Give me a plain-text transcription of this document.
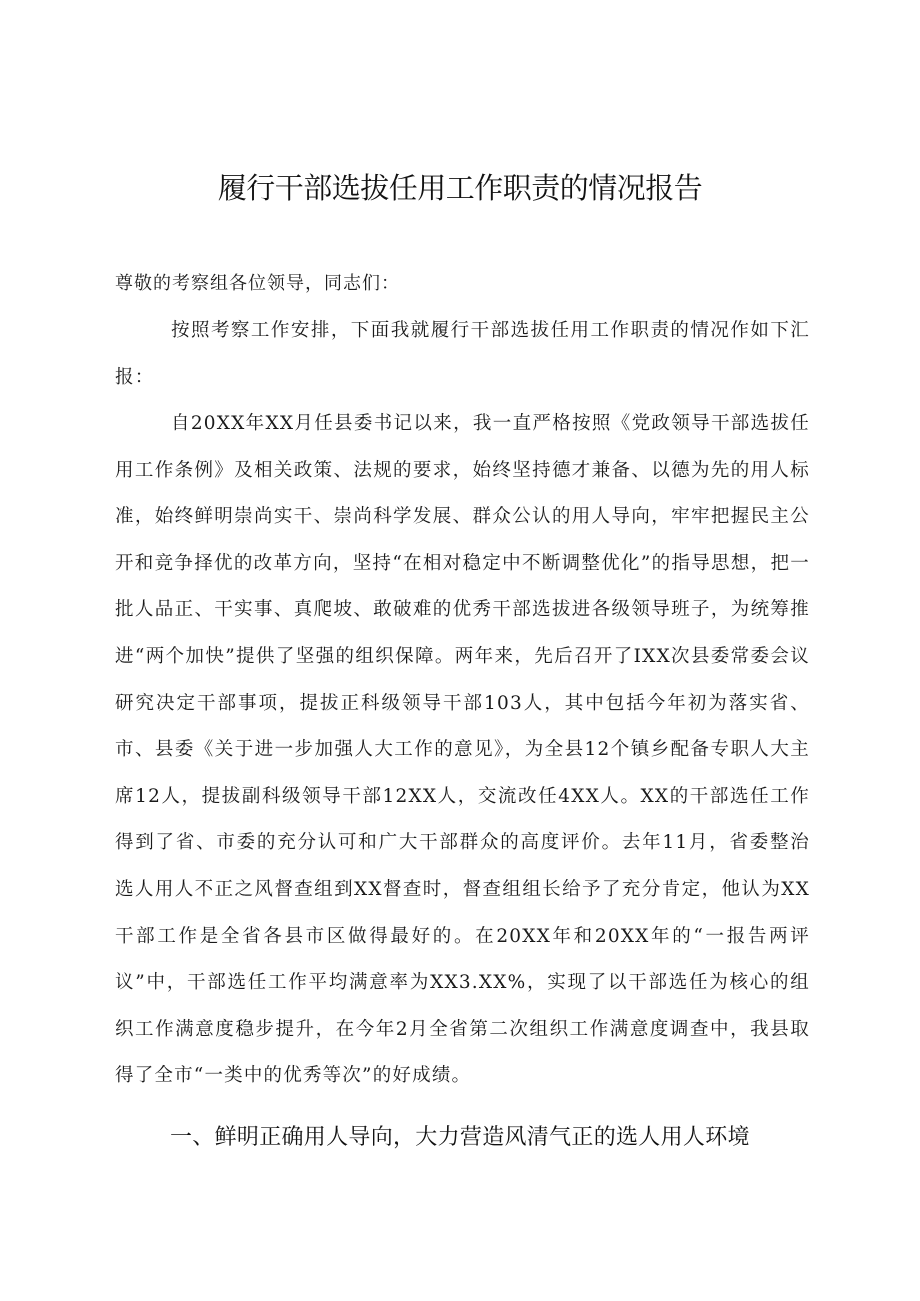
履行干部选拔任用工作职责的情况报告

尊敬的考察组各位领导，同志们：

按照考察工作安排，下面我就履行干部选拔任用工作职责的情况作如下汇报：

自20XX年XX月任县委书记以来，我一直严格按照《党政领导干部选拔任用工作条例》及相关政策、法规的要求，始终坚持德才兼备、以德为先的用人标准，始终鲜明崇尚实干、崇尚科学发展、群众公认的用人导向，牢牢把握民主公开和竞争择优的改革方向，坚持“在相对稳定中不断调整优化”的指导思想，把一批人品正、干实事、真爬坡、敢破难的优秀干部选拔进各级领导班子，为统筹推进“两个加快”提供了坚强的组织保障。两年来，先后召开了IXX次县委常委会议研究决定干部事项，提拔正科级领导干部103人，其中包括今年初为落实省、市、县委《关于进一步加强人大工作的意见》，为全县12个镇乡配备专职人大主席12人，提拔副科级领导干部12XX人，交流改任4XX人。XX的干部选任工作得到了省、市委的充分认可和广大干部群众的高度评价。去年11月，省委整治选人用人不正之风督查组到XX督查时，督查组组长给予了充分肯定，他认为XX干部工作是全省各县市区做得最好的。在20XX年和20XX年的“一报告两评议”中，干部选任工作平均满意率为XX3.XX%，实现了以干部选任为核心的组织工作满意度稳步提升，在今年2月全省第二次组织工作满意度调查中，我县取得了全市“一类中的优秀等次”的好成绩。

一、鲜明正确用人导向，大力营造风清气正的选人用人环境
